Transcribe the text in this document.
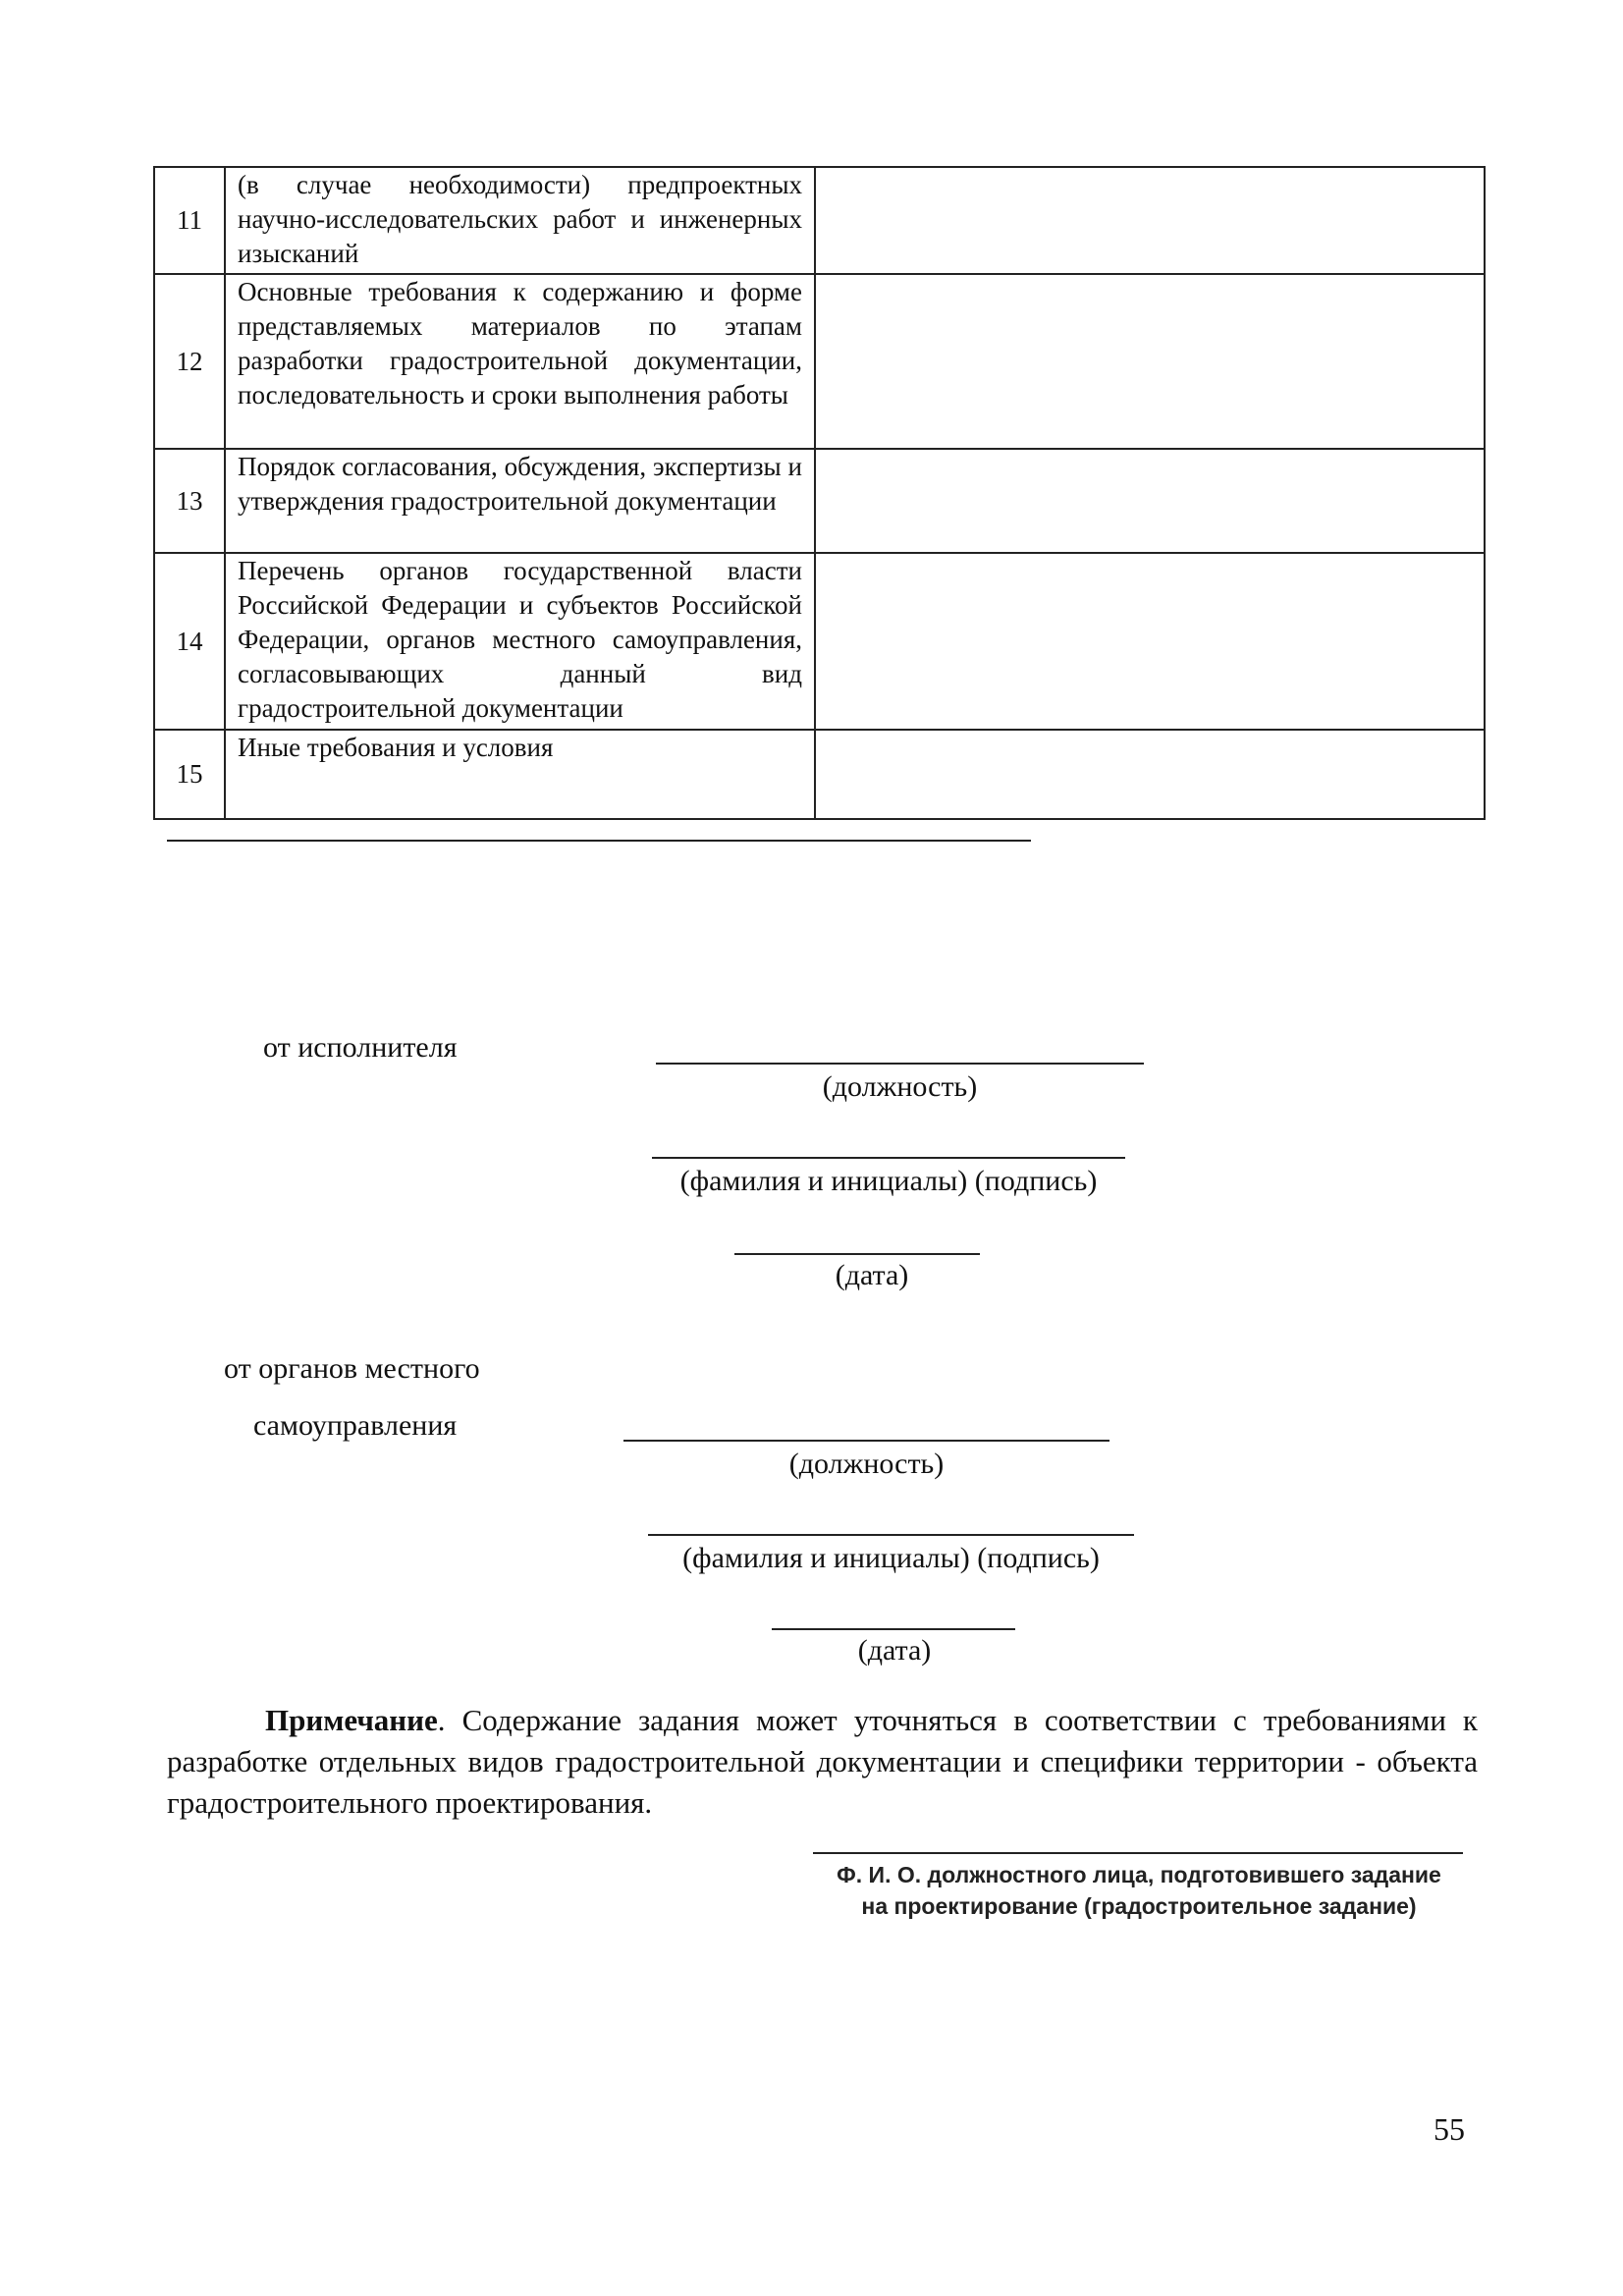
11	(в случае необходимости) предпроектных научно-исследовательских работ и инженерных изысканий	
12	Основные требования к содержанию и форме представляемых материалов по этапам разработки градостроительной документации, последовательность и сроки выполнения работы	
13	Порядок согласования, обсуждения, экспертизы и утверждения градостроительной документации	
14	Перечень органов государственной власти Российской Федерации и субъектов Российской Федерации, органов местного самоуправления, согласовывающих данный вид градостроительной документации	
15	Иные требования и условия	
от исполнителя
(должность)
(фамилия и инициалы) (подпись)
(дата)
от органов местного
самоуправления
(должность)
(фамилия и инициалы) (подпись)
(дата)
Примечание. Содержание задания может уточняться в соответствии с требованиями к разработке отдельных видов градостроительной документации и специфики территории - объекта градостроительного проектирования.
Ф. И. О. должностного лица, подготовившего задание
на проектирование (градостроительное задание)
55
